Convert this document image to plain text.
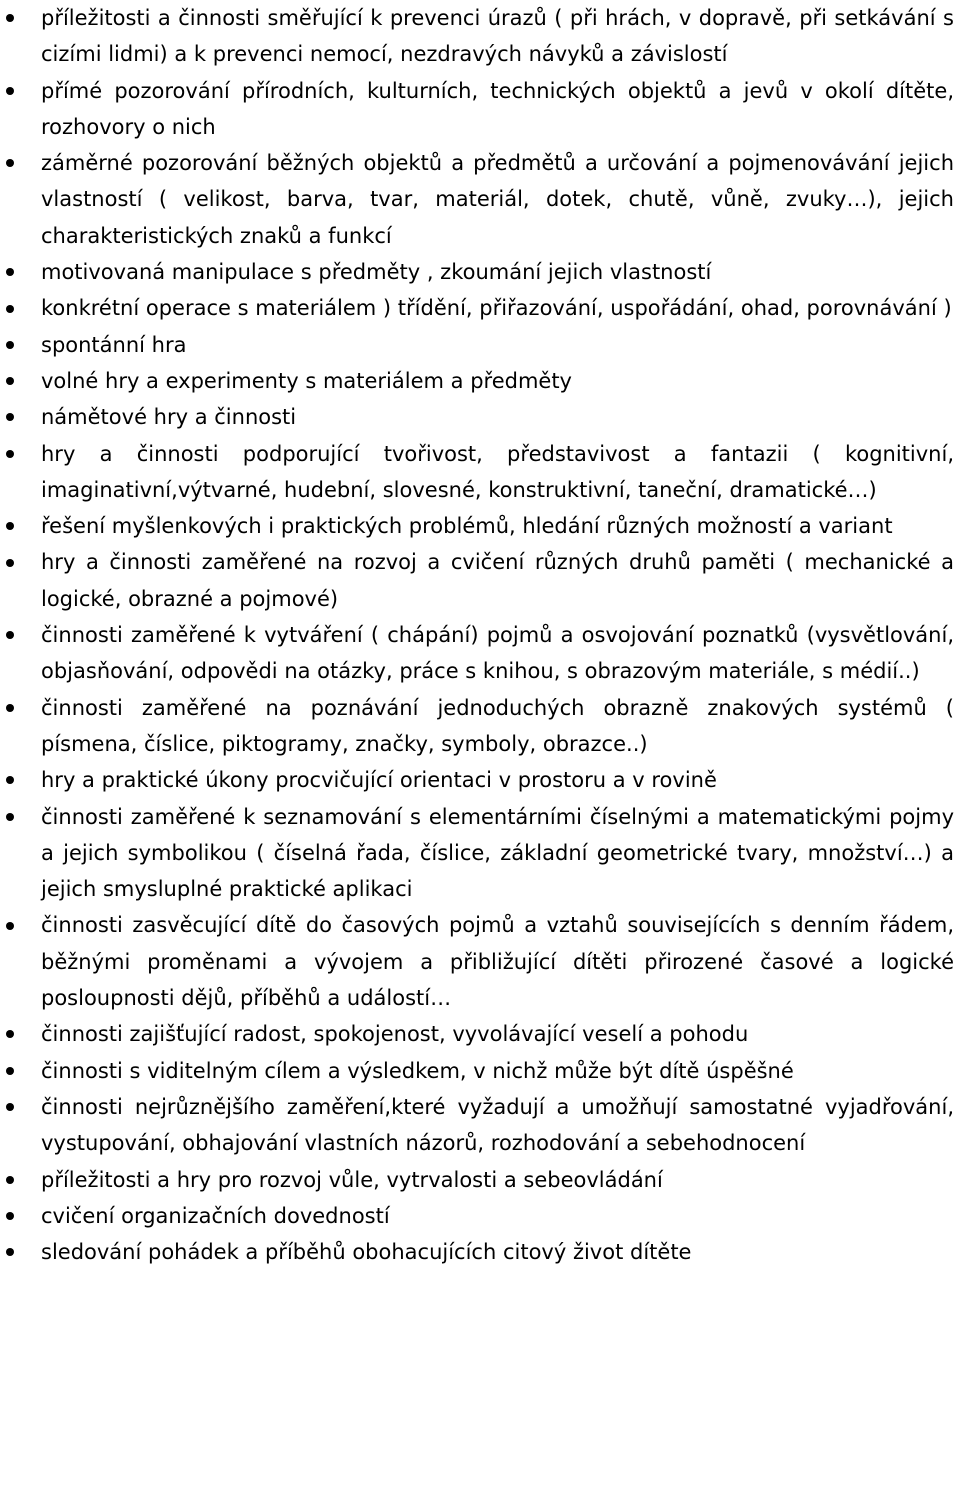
příležitosti a činnosti směřující k prevenci úrazů ( při hrách, v dopravě, při setkávání s cizími lidmi) a k prevenci nemocí, nezdravých návyků a závislostí
přímé pozorování přírodních, kulturních, technických objektů a jevů v okolí dítěte, rozhovory o nich
záměrné pozorování běžných objektů a předmětů a určování a pojmenovávání jejich vlastností ( velikost, barva, tvar, materiál, dotek, chutě, vůně, zvuky…), jejich charakteristických znaků a funkcí
motivovaná manipulace s předměty , zkoumání jejich vlastností
konkrétní operace s materiálem ) třídění, přiřazování, uspořádání, ohad, porovnávání )
spontánní hra
volné hry a experimenty s materiálem a předměty
námětové hry a činnosti
hry a činnosti podporující tvořivost, představivost a fantazii ( kognitivní, imaginativní,výtvarné, hudební, slovesné, konstruktivní, taneční, dramatické…)
řešení myšlenkových i praktických problémů, hledání různých možností a variant
hry a činnosti zaměřené na rozvoj a cvičení různých druhů paměti ( mechanické a logické, obrazné a pojmové)
činnosti zaměřené k vytváření ( chápání) pojmů a osvojování poznatků (vysvětlování, objasňování, odpovědi na otázky, práce s knihou, s obrazovým materiále, s médií..)
činnosti zaměřené na poznávání jednoduchých obrazně znakových systémů ( písmena, číslice, piktogramy, značky, symboly, obrazce..)
hry a praktické úkony procvičující orientaci v prostoru a v rovině
činnosti zaměřené k seznamování s elementárními číselnými a matematickými pojmy a jejich symbolikou ( číselná řada, číslice, základní geometrické tvary, množství…) a jejich smysluplné praktické aplikaci
činnosti zasvěcující dítě do časových pojmů a vztahů souvisejících s denním řádem, běžnými proměnami a vývojem a přibližující dítěti přirozené časové a logické posloupnosti dějů, příběhů a událostí…
činnosti zajišťující radost, spokojenost, vyvolávající veselí a pohodu
činnosti s viditelným cílem a výsledkem, v nichž může být dítě úspěšné
činnosti nejrůznějšího zaměření,které vyžadují a umožňují samostatné vyjadřování, vystupování, obhajování vlastních názorů, rozhodování a sebehodnocení
příležitosti a hry pro rozvoj vůle, vytrvalosti a sebeovládání
cvičení organizačních dovedností
sledování pohádek a příběhů obohacujících citový život dítěte
